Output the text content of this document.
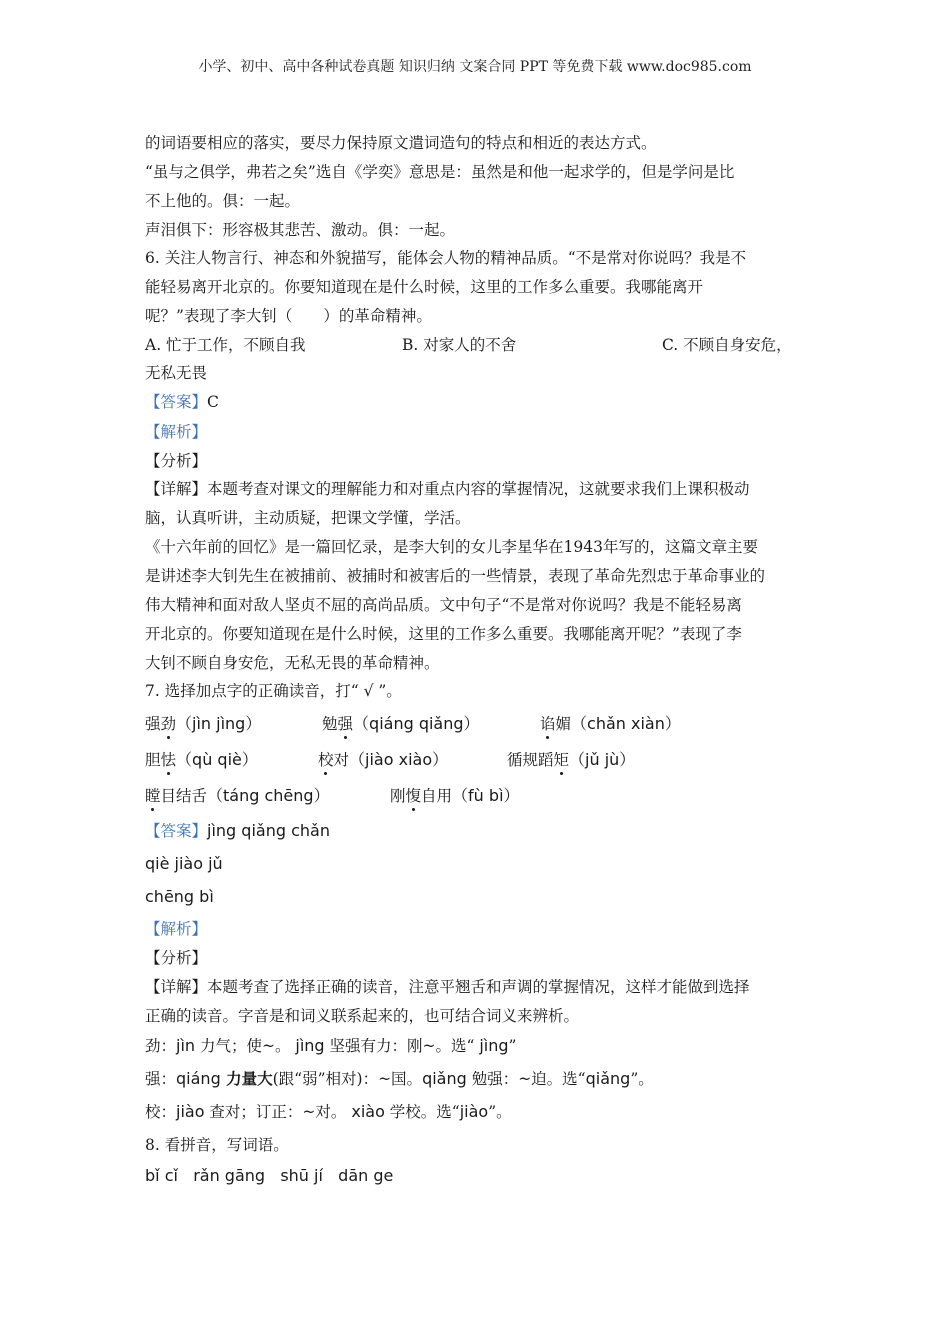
小学、初中、高中各种试卷真题 知识归纳 文案合同 PPT 等免费下载 www.doc985.com
的词语要相应的落实，要尽力保持原文遣词造句的特点和相近的表达方式。
“虽与之俱学，弗若之矣”选自《学奕》意思是：虽然是和他一起求学的，但是学问是比
不上他的。俱：一起。
声泪俱下：形容极其悲苦、激动。俱：一起。
6. 关注人物言行、神态和外貌描写，能体会人物的精神品质。“不是常对你说吗？我是不
能轻易离开北京的。你要知道现在是什么时候，这里的工作多么重要。我哪能离开
呢？”表现了李大钊（　　）的革命精神。
A. 忙于工作，不顾自我	B. 对家人的不舍	C. 不顾自身安危，
无私无畏
【答案】C
【解析】
【分析】
【详解】本题考查对课文的理解能力和对重点内容的掌握情况，这就要求我们上课积极动
脑，认真听讲，主动质疑，把课文学懂，学活。
《十六年前的回忆》是一篇回忆录，是李大钊的女儿李星华在1943年写的，这篇文章主要
是讲述李大钊先生在被捕前、被捕时和被害后的一些情景，表现了革命先烈忠于革命事业的
伟大精神和面对敌人坚贞不屈的高尚品质。文中句子“不是常对你说吗？我是不能轻易离
开北京的。你要知道现在是什么时候，这里的工作多么重要。我哪能离开呢？”表现了李
大钊不顾自身安危，无私无畏的革命精神。
7. 选择加点字的正确读音，打“ √ ”。
强劲（jìn jìng）	勉强（qiáng qiǎng）	谄媚（chǎn xiàn）
胆怯（qù qiè）	校对（jiào xiào）	循规蹈矩（jǔ jù）
瞠目结舌（táng chēng）	刚愎自用（fù bì）
【答案】jìng qiǎng chǎn
qiè jiào jǔ
chēng bì
【解析】
【分析】
【详解】本题考查了选择正确的读音，注意平翘舌和声调的掌握情况，这样才能做到选择
正确的读音。字音是和词义联系起来的，也可结合词义来辨析。
劲：jìn 力气；使~。 jìng 坚强有力：刚~。选“ jìng”
强：qiáng 力量大(跟“弱”相对)：~国。qiǎng 勉强：~迫。选“qiǎng”。
校：jiào 查对；订正：~对。 xiào 学校。选“jiào”。
8. 看拼音，写词语。
bǐ cǐ   rǎn gāng   shū jí   dān ge
